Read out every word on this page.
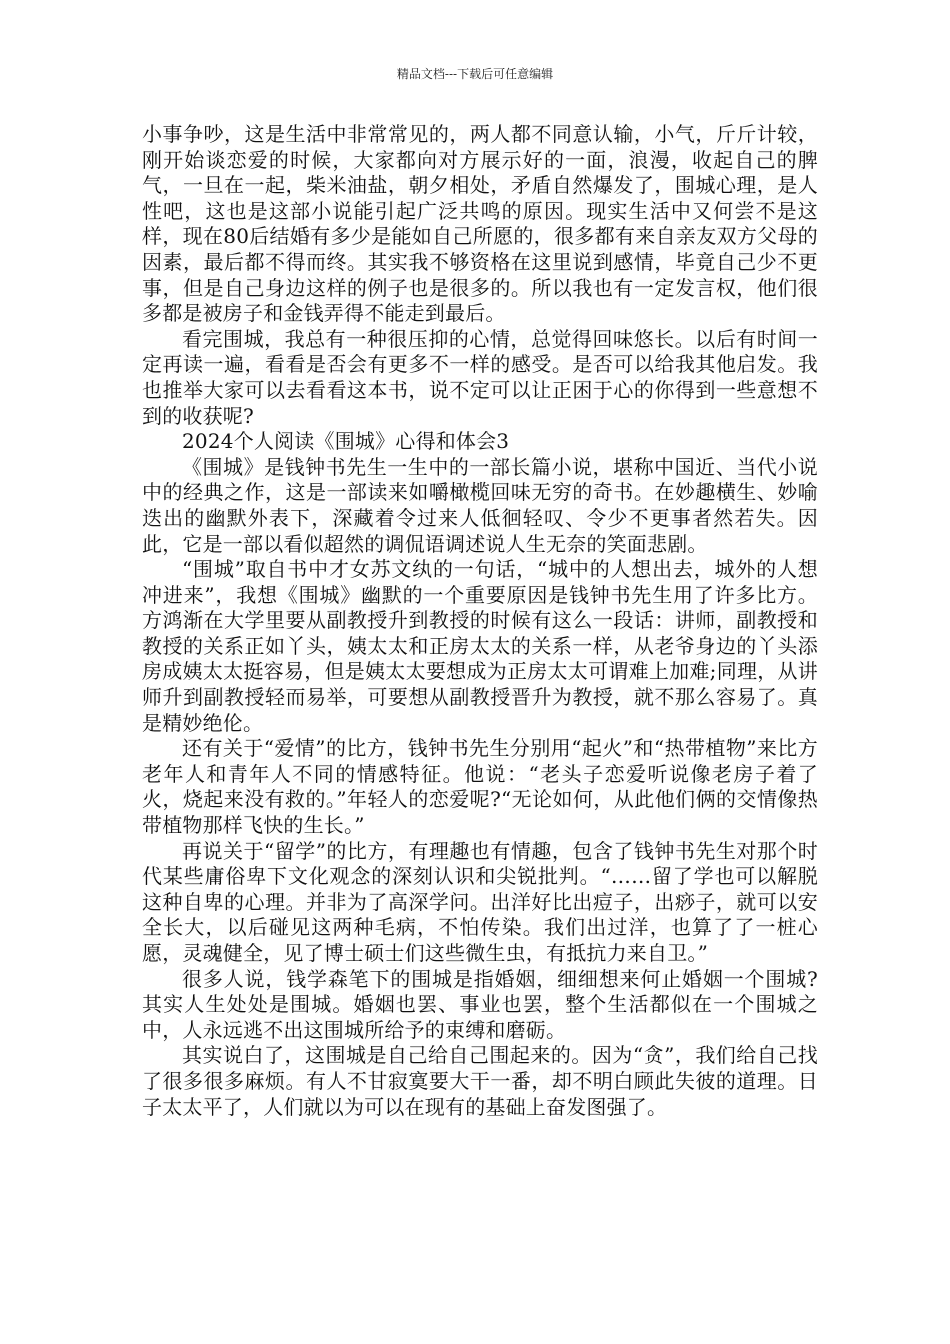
精品文档---下载后可任意编辑

小事争吵，这是生活中非常常见的，两人都不同意认输，小气，斤斤计较，刚开始谈恋爱的时候，大家都向对方展示好的一面，浪漫，收起自己的脾气，一旦在一起，柴米油盐，朝夕相处，矛盾自然爆发了，围城心理，是人性吧，这也是这部小说能引起广泛共鸣的原因。现实生活中又何尝不是这样，现在80后结婚有多少是能如自己所愿的，很多都有来自亲友双方父母的因素，最后都不得而终。其实我不够资格在这里说到感情，毕竟自己少不更事，但是自己身边这样的例子也是很多的。所以我也有一定发言权，他们很多都是被房子和金钱弄得不能走到最后。

看完围城，我总有一种很压抑的心情，总觉得回味悠长。以后有时间一定再读一遍，看看是否会有更多不一样的感受。是否可以给我其他启发。我也推举大家可以去看看这本书，说不定可以让正困于心的你得到一些意想不到的收获呢?

2024个人阅读《围城》心得和体会3

《围城》是钱钟书先生一生中的一部长篇小说，堪称中国近、当代小说中的经典之作，这是一部读来如嚼橄榄回味无穷的奇书。在妙趣横生、妙喻迭出的幽默外表下，深藏着令过来人低徊轻叹、令少不更事者然若失。因此，它是一部以看似超然的调侃语调述说人生无奈的笑面悲剧。

“围城”取自书中才女苏文纨的一句话，“城中的人想出去，城外的人想冲进来”，我想《围城》幽默的一个重要原因是钱钟书先生用了许多比方。方鸿渐在大学里要从副教授升到教授的时候有这么一段话：讲师，副教授和教授的关系正如丫头，姨太太和正房太太的关系一样，从老爷身边的丫头添房成姨太太挺容易，但是姨太太要想成为正房太太可谓难上加难;同理，从讲师升到副教授轻而易举，可要想从副教授晋升为教授，就不那么容易了。真是精妙绝伦。

还有关于“爱情”的比方，钱钟书先生分别用“起火”和“热带植物”来比方老年人和青年人不同的情感特征。他说：“老头子恋爱听说像老房子着了火，烧起来没有救的。”年轻人的恋爱呢?“无论如何，从此他们俩的交情像热带植物那样飞快的生长。”

再说关于“留学”的比方，有理趣也有情趣，包含了钱钟书先生对那个时代某些庸俗卑下文化观念的深刻认识和尖锐批判。“……留了学也可以解脱这种自卑的心理。并非为了高深学问。出洋好比出痘子，出痧子，就可以安全长大，以后碰见这两种毛病，不怕传染。我们出过洋，也算了了一桩心愿，灵魂健全，见了博士硕士们这些微生虫，有抵抗力来自卫。”

很多人说，钱学森笔下的围城是指婚姻，细细想来何止婚姻一个围城?其实人生处处是围城。婚姻也罢、事业也罢，整个生活都似在一个围城之中，人永远逃不出这围城所给予的束缚和磨砺。

其实说白了，这围城是自己给自己围起来的。因为“贪”，我们给自己找了很多很多麻烦。有人不甘寂寞要大干一番，却不明白顾此失彼的道理。日子太太平了，人们就以为可以在现有的基础上奋发图强了。
